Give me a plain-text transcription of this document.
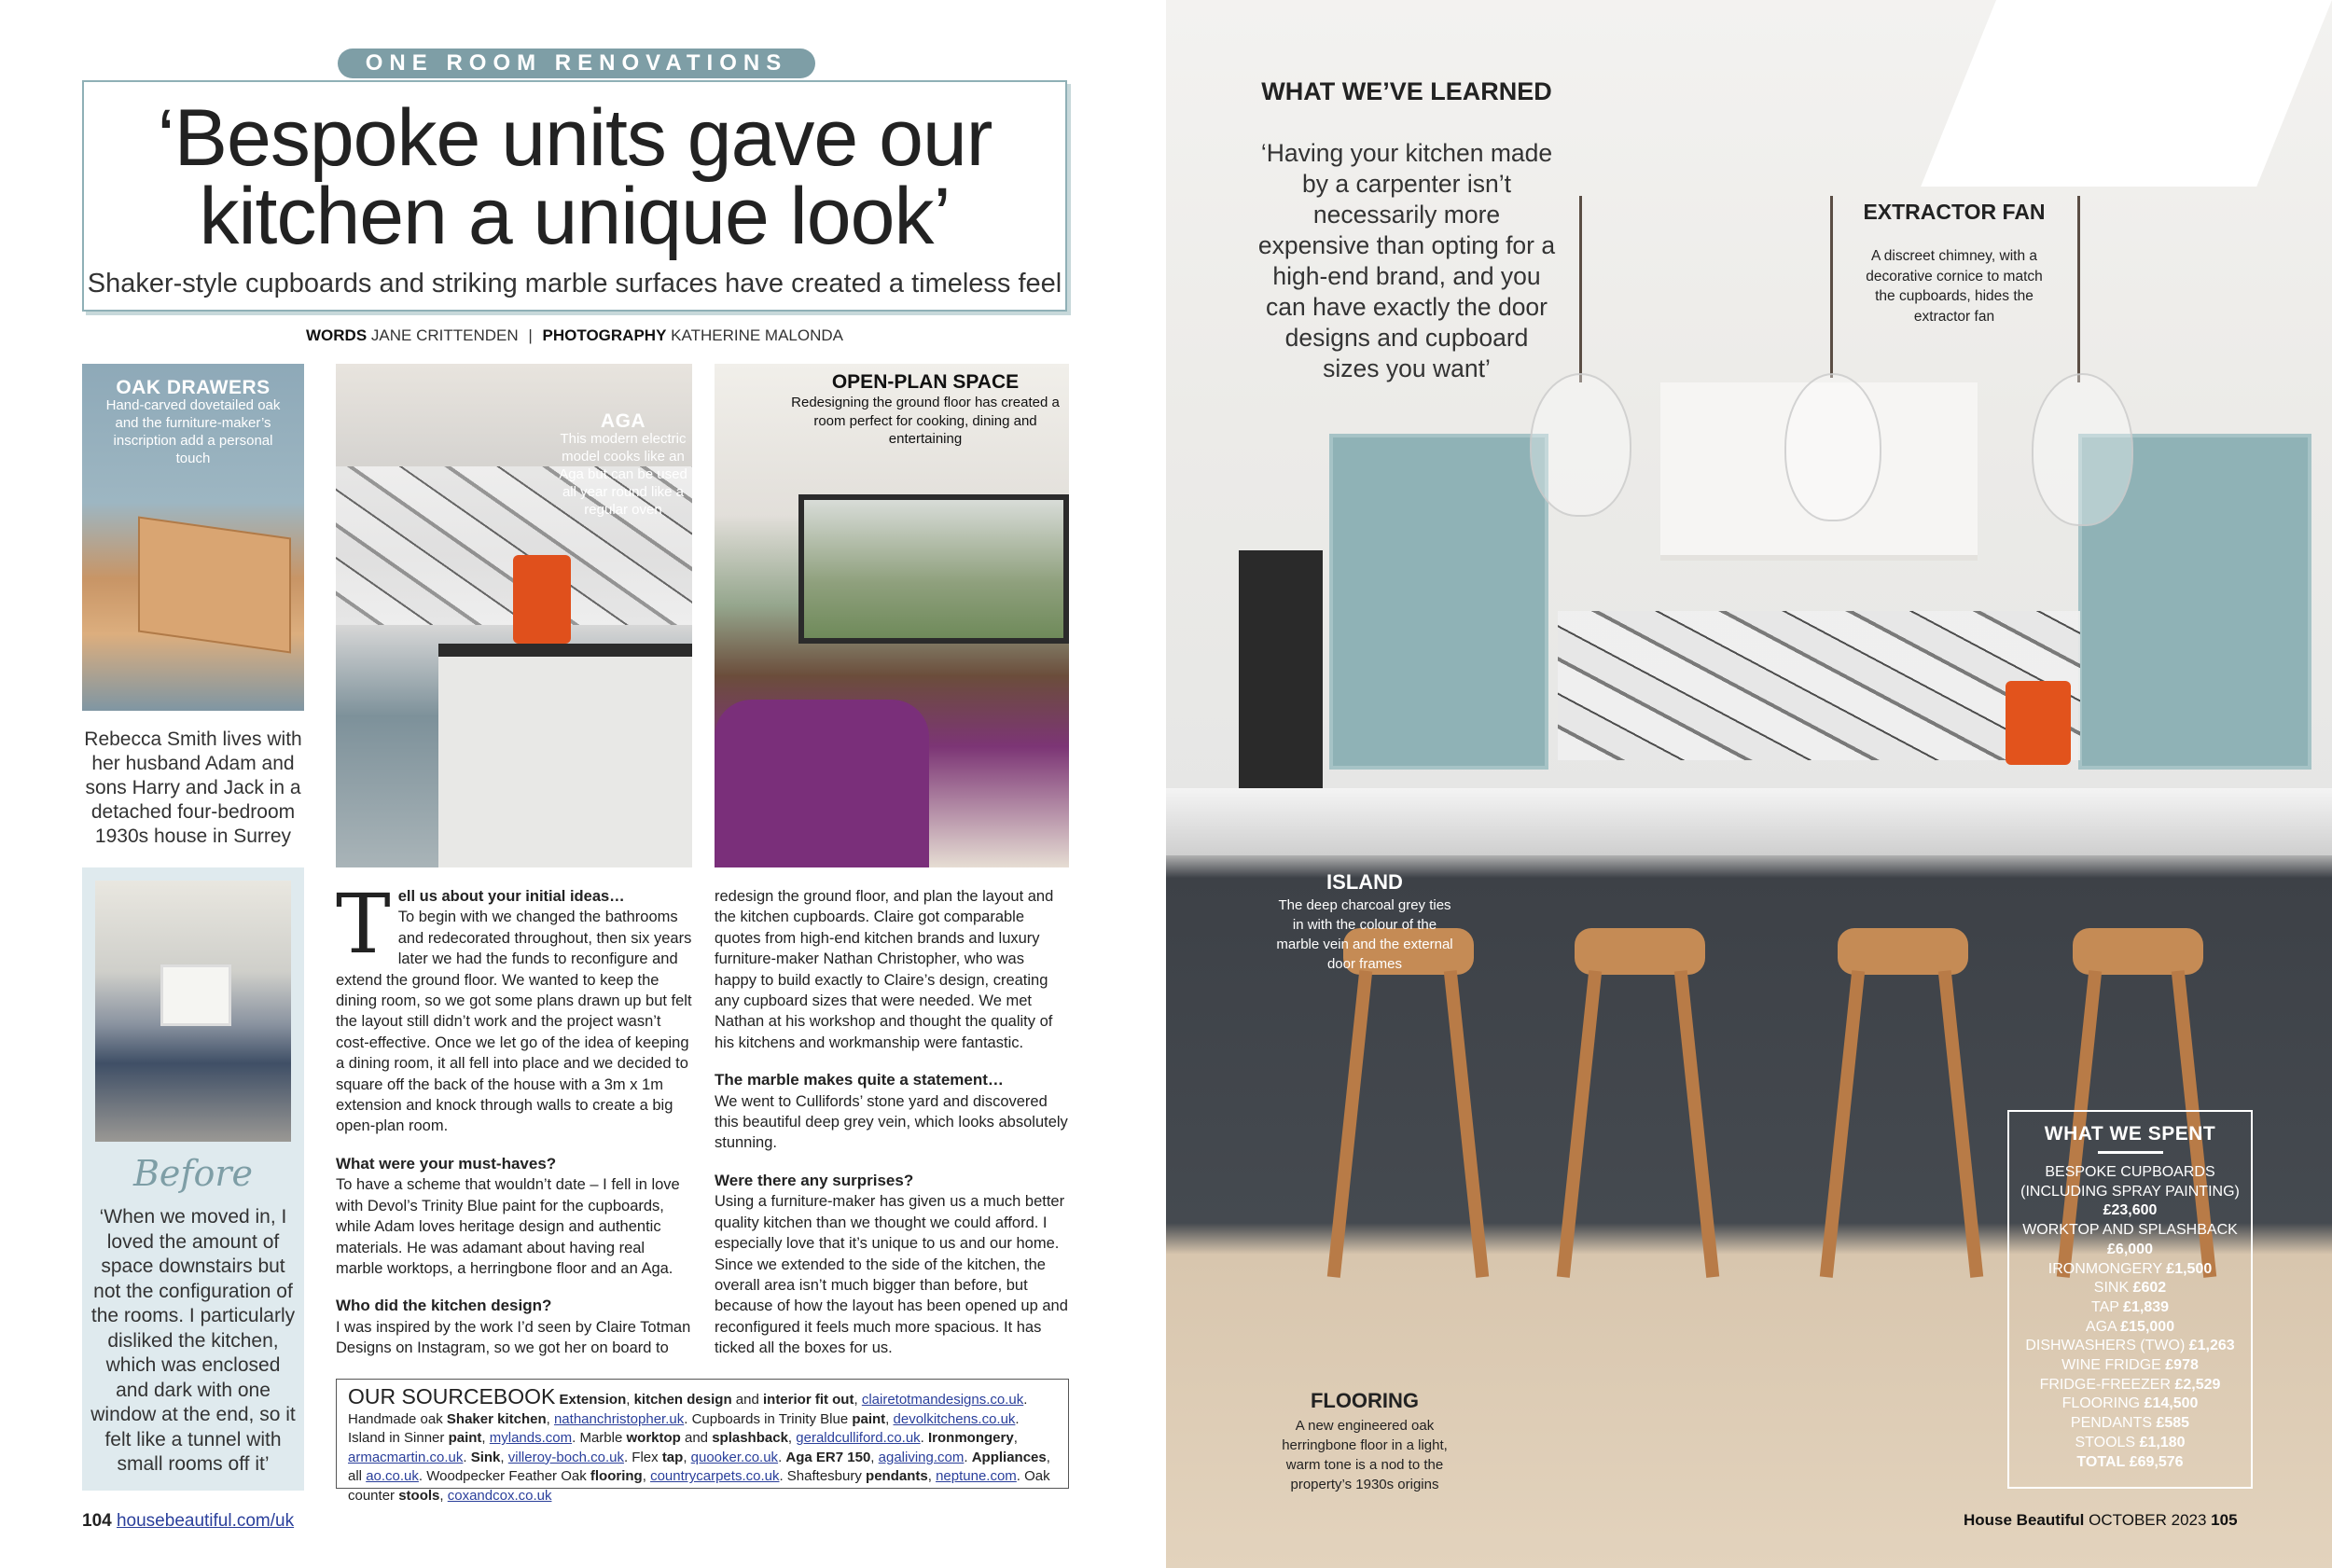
ONE ROOM RENOVATIONS
‘Bespoke units gave our kitchen a unique look’
Shaker-style cupboards and striking marble surfaces have created a timeless feel
WORDS JANE CRITTENDEN | PHOTOGRAPHY KATHERINE MALONDA
OAK DRAWERS
Hand-carved dovetailed oak and the furniture-maker’s inscription add a personal touch
AGA
This modern electric model cooks like an Aga but can be used all year round like a regular oven
OPEN-PLAN SPACE
Redesigning the ground floor has created a room perfect for cooking, dining and entertaining
Rebecca Smith lives with her husband Adam and sons Harry and Jack in a detached four-bedroom 1930s house in Surrey
Before
‘When we moved in, I loved the amount of space downstairs but not the configuration of the rooms. I particularly disliked the kitchen, which was enclosed and dark with one window at the end, so it felt like a tunnel with small rooms off it’
T ell us about your initial ideas…

To begin with we changed the bathrooms and redecorated throughout, then six years later we had the funds to reconfigure and extend the ground floor. We wanted to keep the dining room, so we got some plans drawn up but felt the layout still didn’t work and the project wasn’t cost-effective. Once we let go of the idea of keeping a dining room, it all fell into place and we decided to square off the back of the house with a 3m x 1m extension and knock through walls to create a big open-plan room.

What were your must-haves?

To have a scheme that wouldn’t date – I fell in love with Devol’s Trinity Blue paint for the cupboards, while Adam loves heritage design and authentic materials. He was adamant about having real marble worktops, a herringbone floor and an Aga.

Who did the kitchen design?

I was inspired by the work I’d seen by Claire Totman Designs on Instagram, so we got her on board to

redesign the ground floor, and plan the layout and the kitchen cupboards. Claire got comparable quotes from high-end kitchen brands and luxury furniture-maker Nathan Christopher, who was happy to build exactly to Claire’s design, creating any cupboard sizes that were needed. We met Nathan at his workshop and thought the quality of his kitchens and workmanship were fantastic.

The marble makes quite a statement…

We went to Cullifords’ stone yard and discovered this beautiful deep grey vein, which looks absolutely stunning.

Were there any surprises?

Using a furniture-maker has given us a much better quality kitchen than we thought we could afford. I especially love that it’s unique to us and our home. Since we extended to the side of the kitchen, the overall area isn’t much bigger than before, but because of how the layout has been opened up and reconfigured it feels much more spacious. It has ticked all the boxes for us.

OUR SOURCEBOOK Extension, kitchen design and interior fit out, clairetotmandesigns.co.uk. Handmade oak Shaker kitchen, nathanchristopher.uk. Cupboards in Trinity Blue paint, devolkitchens.co.uk. Island in Sinner paint, mylands.com. Marble worktop and splashback, geraldculliford.co.uk. Ironmongery, armacmartin.co.uk. Sink, villeroy-boch.co.uk. Flex tap, quooker.co.uk. Aga ER7 150, agaliving.com. Appliances, all ao.co.uk. Woodpecker Feather Oak flooring, countrycarpets.co.uk. Shaftesbury pendants, neptune.com. Oak counter stools, coxandcox.co.uk
104 housebeautiful.com/uk
WHAT WE’VE LEARNED
‘Having your kitchen made by a carpenter isn’t necessarily more expensive than opting for a high-end brand, and you can have exactly the door designs and cupboard sizes you want’
EXTRACTOR FAN
A discreet chimney, with a decorative cornice to match the cupboards, hides the extractor fan
ISLAND
The deep charcoal grey ties in with the colour of the marble vein and the external door frames
FLOORING
A new engineered oak herringbone floor in a light, warm tone is a nod to the property’s 1930s origins
WHAT WE SPENT
BESPOKE CUPBOARDS (INCLUDING SPRAY PAINTING) £23,600
WORKTOP AND SPLASHBACK £6,000
IRONMONGERY £1,500
SINK £602
TAP £1,839
AGA £15,000
DISHWASHERS (TWO) £1,263
WINE FRIDGE £978
FRIDGE-FREEZER £2,529
FLOORING £14,500
PENDANTS £585
STOOLS £1,180
TOTAL £69,576
House Beautiful OCTOBER 2023 105
